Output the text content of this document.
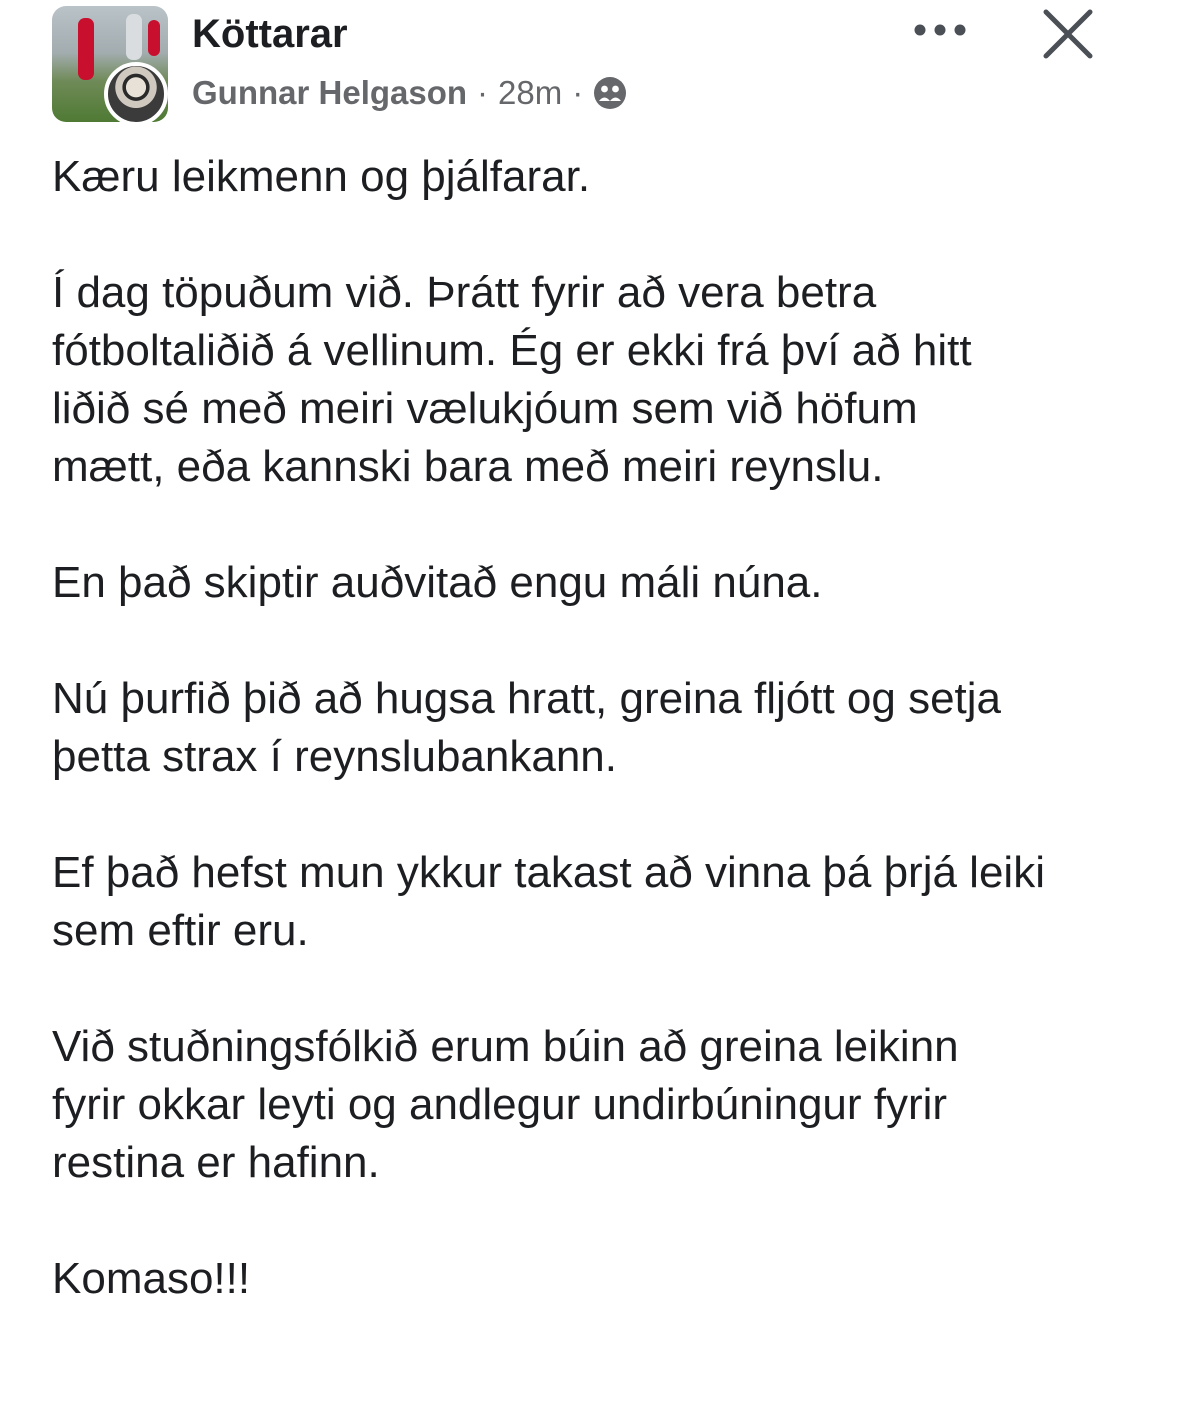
Köttarar
Gunnar Helgason · 28m ·

Kæru leikmenn og þjálfarar.

Í dag töpuðum við. Þrátt fyrir að vera betra
fótboltaliðið á vellinum. Ég er ekki frá því að hitt
liðið sé með meiri vælukjóum sem við höfum
mætt, eða kannski bara með meiri reynslu.

En það skiptir auðvitað engu máli núna.

Nú þurfið þið að hugsa hratt, greina fljótt og setja
þetta strax í reynslubankann.

Ef það hefst mun ykkur takast að vinna þá þrjá leiki
sem eftir eru.

Við stuðningsfólkið erum búin að greina leikinn
fyrir okkar leyti og andlegur undirbúningur fyrir
restina er hafinn.

Komaso!!!
